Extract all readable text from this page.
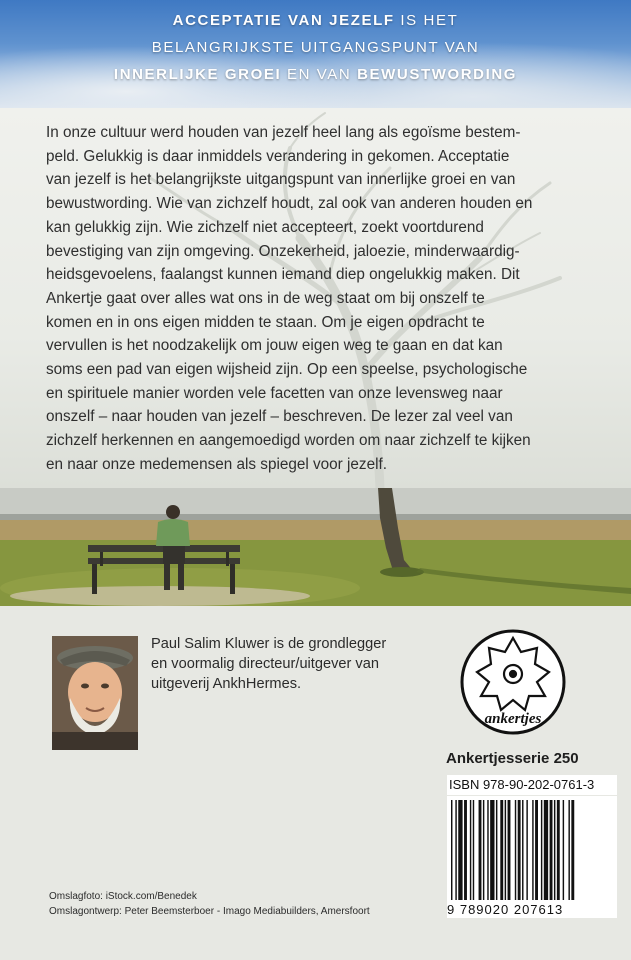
ACCEPTATIE VAN JEZELF IS HET
BELANGRIJKSTE UITGANGSPUNT VAN
INNERLIJKE GROEI EN VAN BEWUSTWORDING
In onze cultuur werd houden van jezelf heel lang als egoïsme bestem-
peld. Gelukkig is daar inmiddels verandering in gekomen. Acceptatie
van jezelf is het belangrijkste uitgangspunt van innerlijke groei en van
bewustwording. Wie van zichzelf houdt, zal ook van anderen houden en
kan gelukkig zijn. Wie zichzelf niet accepteert, zoekt voortdurend
bevestiging van zijn omgeving. Onzekerheid, jaloezie, minderwaardig-
heidsgevoelens, faalangst kunnen iemand diep ongelukkig maken. Dit
Ankertje gaat over alles wat ons in de weg staat om bij onszelf te
komen en in ons eigen midden te staan. Om je eigen opdracht te
vervullen is het noodzakelijk om jouw eigen weg te gaan en dat kan
soms een pad van eigen wijsheid zijn. Op een speelse, psychologische
en spirituele manier worden vele facetten van onze levensweg naar
onszelf – naar houden van jezelf – beschreven. De lezer zal veel van
zichzelf herkennen en aangemoedigd worden om naar zichzelf te kijken
en naar onze medemensen als spiegel voor jezelf.
Paul Salim Kluwer is de grondlegger
en voormalig directeur/uitgever van
uitgeverij AnkhHermes.
ankertjes
Ankertjesserie 250
ISBN 978-90-202-0761-3
9 789020 207613
Omslagfoto: iStock.com/Benedek
Omslagontwerp: Peter Beemsterboer - Imago Mediabuilders, Amersfoort
